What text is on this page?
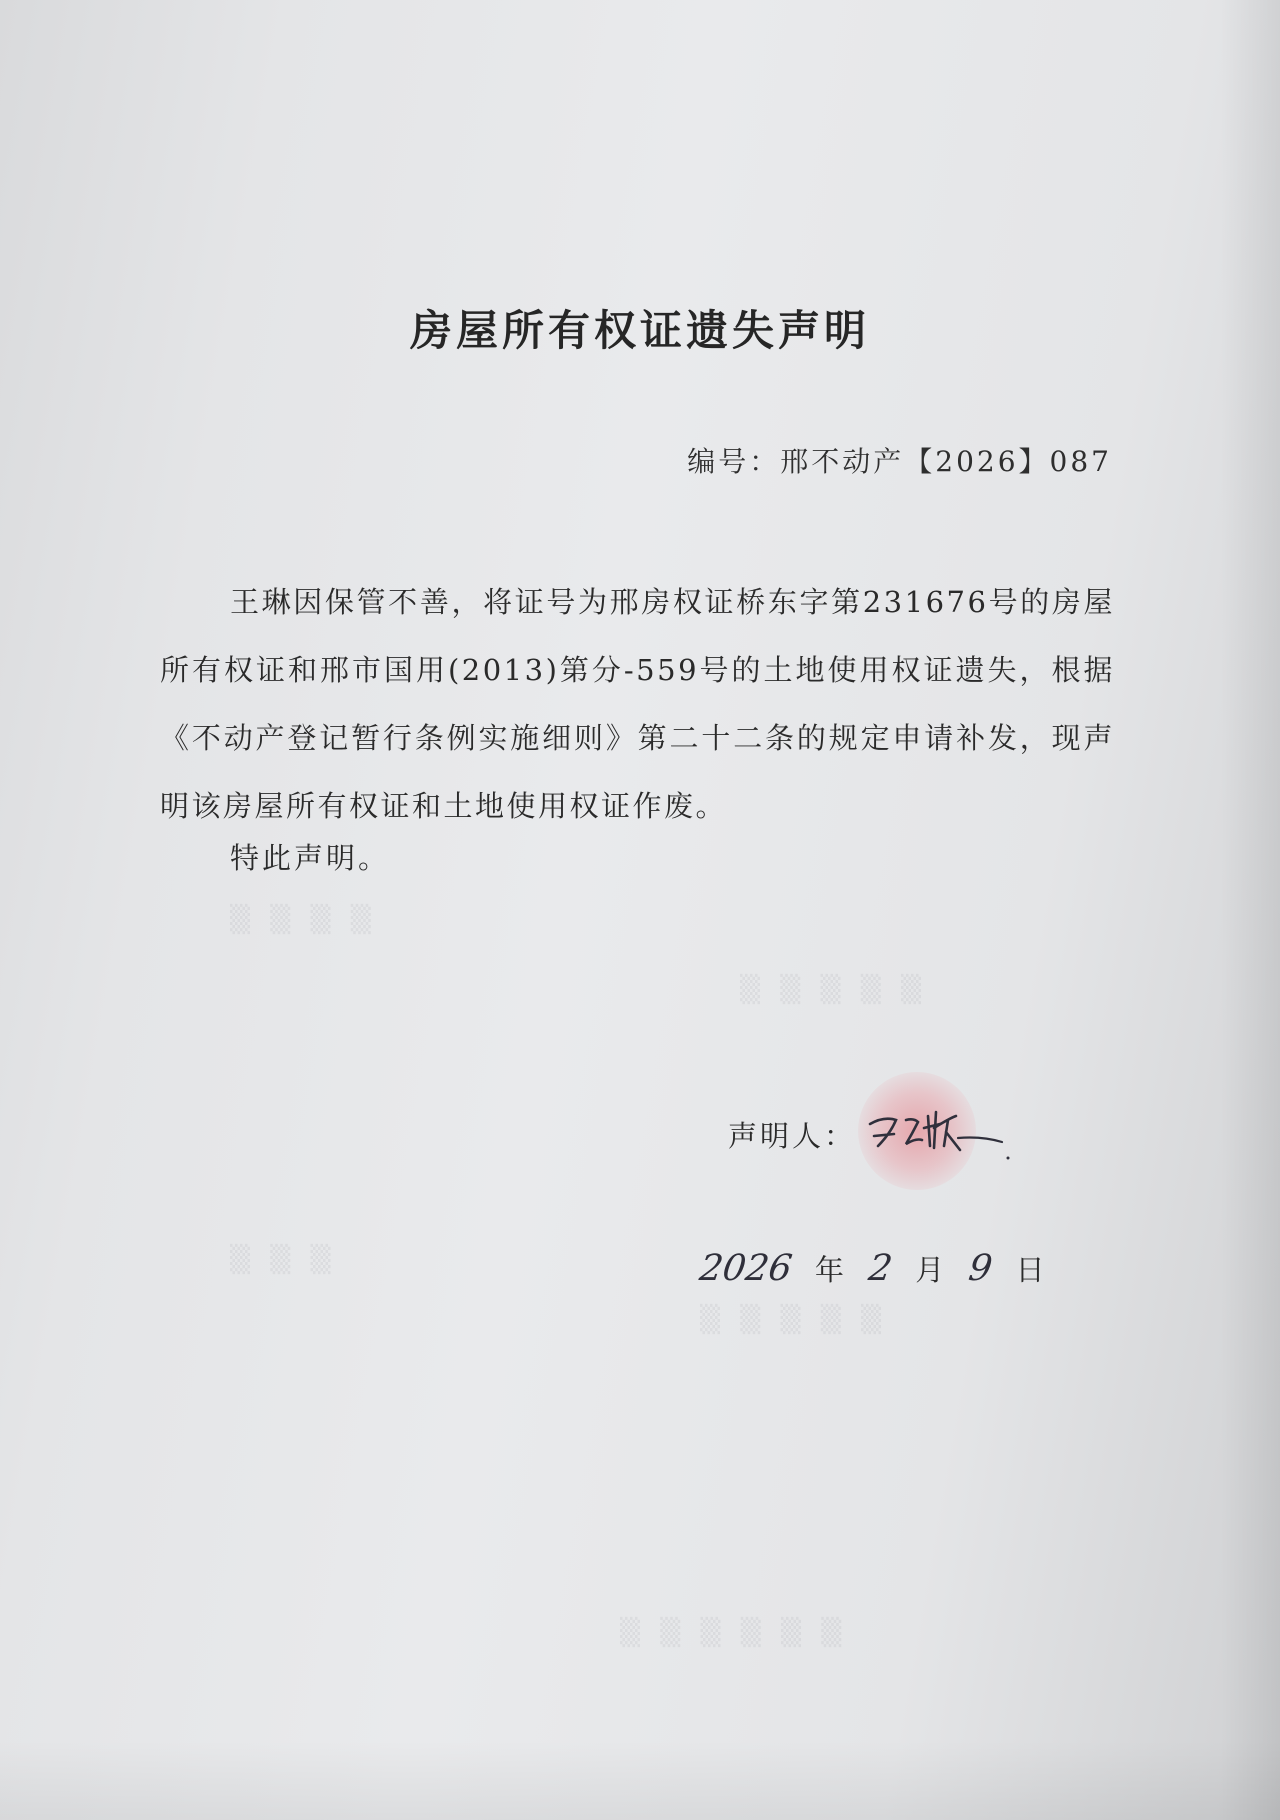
▒ ▒ ▒ ▒
▒ ▒ ▒ ▒ ▒
▒ ▒ ▒
▒ ▒ ▒ ▒ ▒
▒ ▒ ▒ ▒ ▒ ▒
房屋所有权证遗失声明
编号：邢不动产【2026】087

王琳因保管不善，将证号为邢房权证桥东字第231676号的房屋所有权证和邢市国用(2013)第分-559号的土地使用权证遗失，根据《不动产登记暂行条例实施细则》第二十二条的规定申请补发，现声明该房屋所有权证和土地使用权证作废。

特此声明。
声明人：
2026 年 2 月 9 日
